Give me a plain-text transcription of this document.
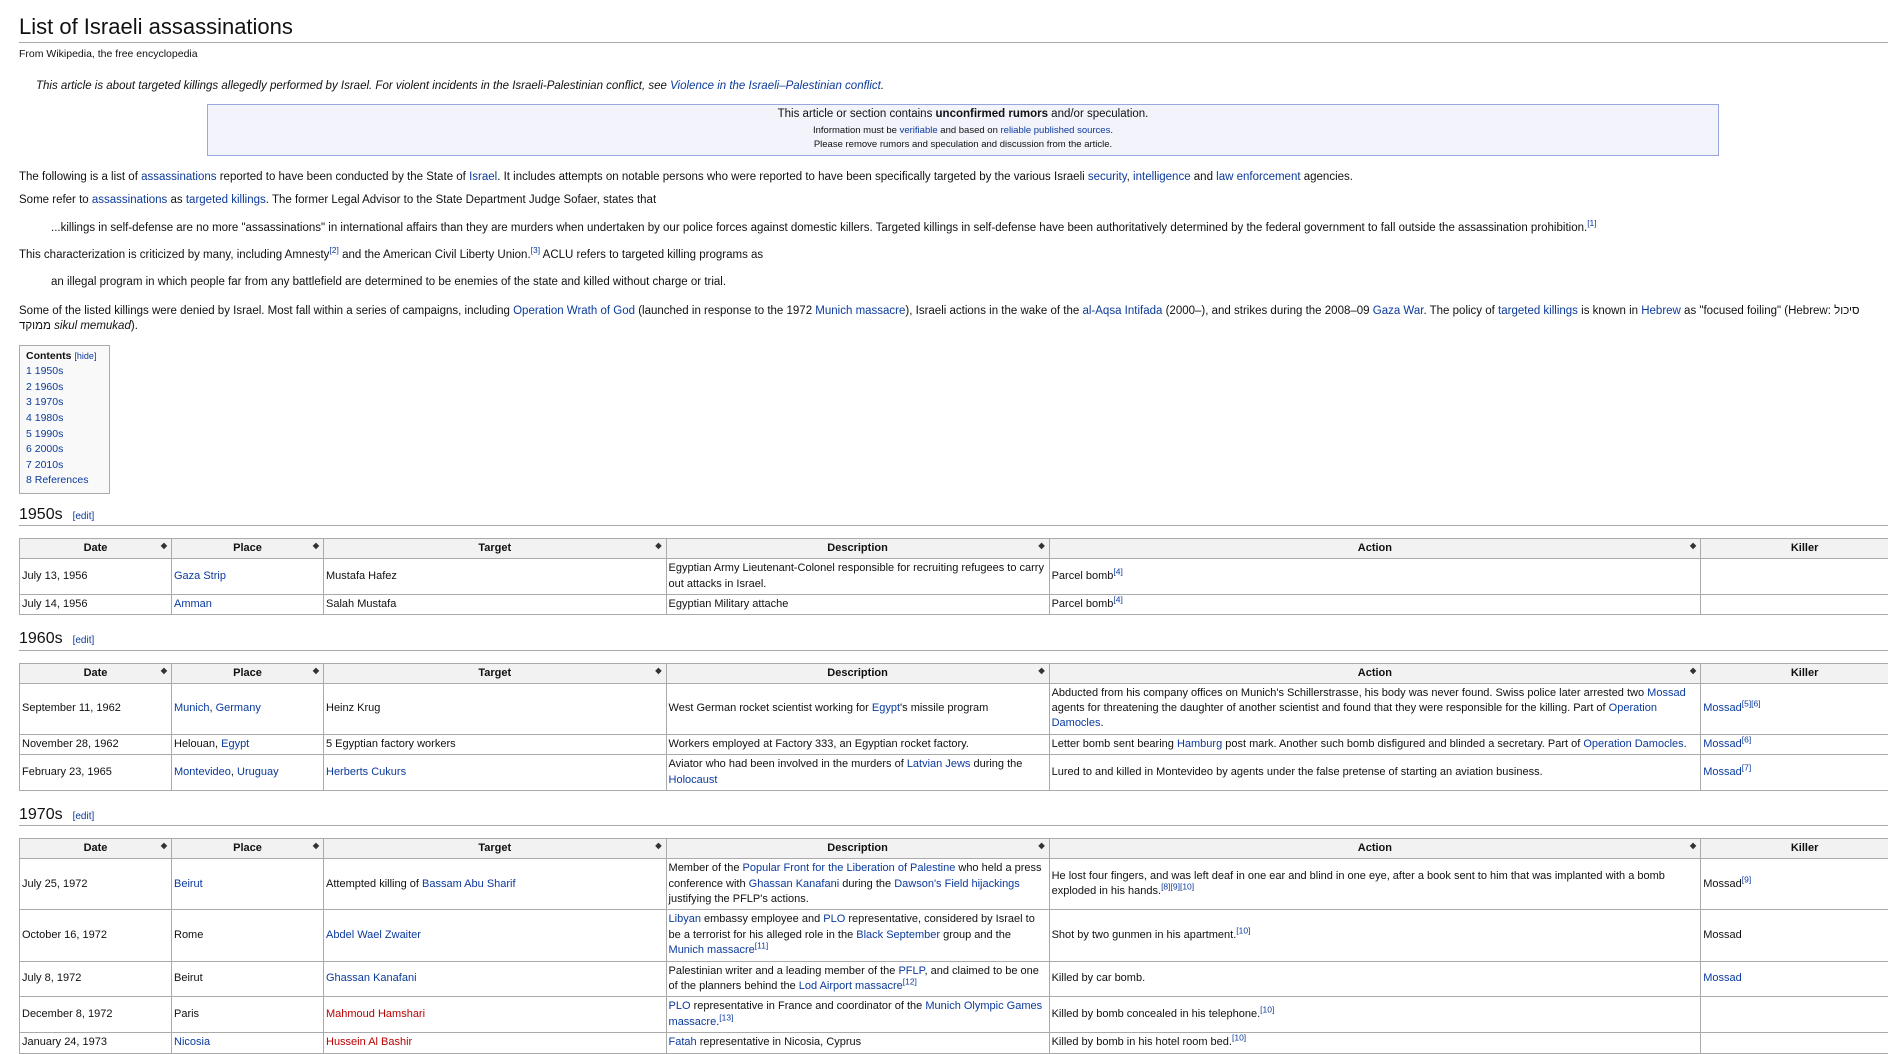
List of Israeli assassinations
From Wikipedia, the free encyclopedia
This article is about targeted killings allegedly performed by Israel. For violent incidents in the Israeli-Palestinian conflict, see Violence in the Israeli–Palestinian conflict.
This article or section contains unconfirmed rumors and/or speculation.
Information must be verifiable and based on reliable published sources.
Please remove rumors and speculation and discussion from the article.

The following is a list of assassinations reported to have been conducted by the State of Israel. It includes attempts on notable persons who were reported to have been specifically targeted by the various Israeli security, intelligence and law enforcement agencies.

Some refer to assassinations as targeted killings. The former Legal Advisor to the State Department Judge Sofaer, states that

...killings in self-defense are no more "assassinations" in international affairs than they are murders when undertaken by our police forces against domestic killers. Targeted killings in self-defense have been authoritatively determined by the federal government to fall outside the assassination prohibition.[1]

This characterization is criticized by many, including Amnesty[2] and the American Civil Liberty Union.[3] ACLU refers to targeted killing programs as

an illegal program in which people far from any battlefield are determined to be enemies of the state and killed without charge or trial.

Some of the listed killings were denied by Israel. Most fall within a series of campaigns, including Operation Wrath of God (launched in response to the 1972 Munich massacre), Israeli actions in the wake of the al-Aqsa Intifada (2000–), and strikes during the 2008–09 Gaza War. The policy of targeted killings is known in Hebrew as "focused foiling" (Hebrew: סיכול ממוקד sikul memukad).

Contents [hide]
1 1950s
2 1960s
3 1970s
4 1980s
5 1990s
6 2000s
7 2010s
8 References
1950s [edit]
Date ◆	Place ◆	Target ◆	Description ◆	Action ◆	Killer
July 13, 1956	Gaza Strip	Mustafa Hafez	Egyptian Army Lieutenant-Colonel responsible for recruiting refugees to carry out attacks in Israel.	Parcel bomb[4]	
July 14, 1956	Amman	Salah Mustafa	Egyptian Military attache	Parcel bomb[4]	
1960s [edit]
Date ◆	Place ◆	Target ◆	Description ◆	Action ◆	Killer
September 11, 1962	Munich, Germany	Heinz Krug	West German rocket scientist working for Egypt's missile program	Abducted from his company offices on Munich's Schillerstrasse, his body was never found. Swiss police later arrested two Mossad agents for threatening the daughter of another scientist and found that they were responsible for the killing. Part of Operation Damocles.	Mossad[5][6]
November 28, 1962	Helouan, Egypt	5 Egyptian factory workers	Workers employed at Factory 333, an Egyptian rocket factory.	Letter bomb sent bearing Hamburg post mark. Another such bomb disfigured and blinded a secretary. Part of Operation Damocles.	Mossad[6]
February 23, 1965	Montevideo, Uruguay	Herberts Cukurs	Aviator who had been involved in the murders of Latvian Jews during the Holocaust	Lured to and killed in Montevideo by agents under the false pretense of starting an aviation business.	Mossad[7]
1970s [edit]
Date ◆	Place ◆	Target ◆	Description ◆	Action ◆	Killer
July 25, 1972	Beirut	Attempted killing of Bassam Abu Sharif	Member of the Popular Front for the Liberation of Palestine who held a press conference with Ghassan Kanafani during the Dawson's Field hijackings justifying the PFLP's actions.	He lost four fingers, and was left deaf in one ear and blind in one eye, after a book sent to him that was implanted with a bomb exploded in his hands.[8][9][10]	Mossad[9]
October 16, 1972	Rome	Abdel Wael Zwaiter	Libyan embassy employee and PLO representative, considered by Israel to be a terrorist for his alleged role in the Black September group and the Munich massacre[11]	Shot by two gunmen in his apartment.[10]	Mossad
July 8, 1972	Beirut	Ghassan Kanafani	Palestinian writer and a leading member of the PFLP, and claimed to be one of the planners behind the Lod Airport massacre[12]	Killed by car bomb.	Mossad
December 8, 1972	Paris	Mahmoud Hamshari	PLO representative in France and coordinator of the Munich Olympic Games massacre.[13]	Killed by bomb concealed in his telephone.[10]	
January 24, 1973	Nicosia	Hussein Al Bashir	Fatah representative in Nicosia, Cyprus	Killed by bomb in his hotel room bed.[10]	
